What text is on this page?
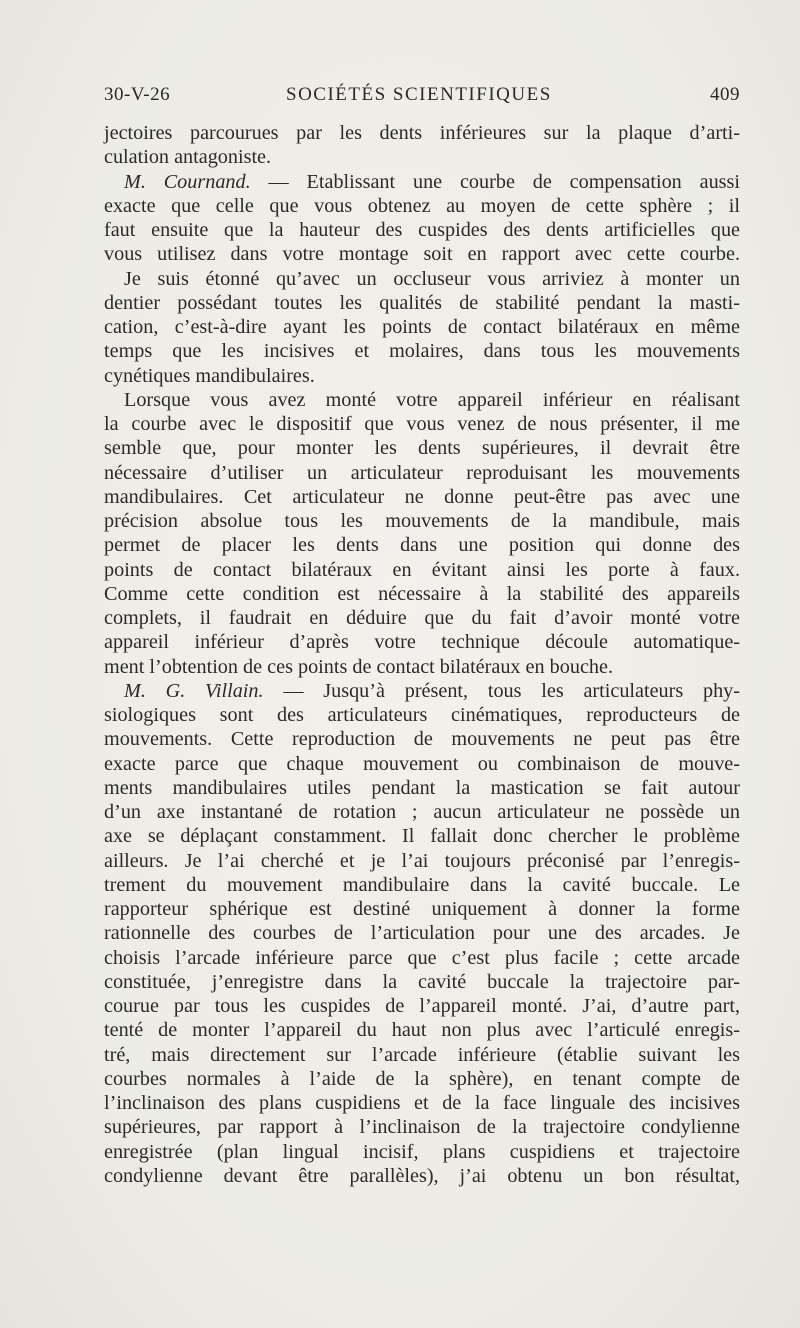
30-V-26	SOCIÉTÉS SCIENTIFIQUES	409
jectoires parcourues par les dents inférieures sur la plaque d’arti-
culation antagoniste.
M. Cournand. — Etablissant une courbe de compensation aussi
exacte que celle que vous obtenez au moyen de cette sphère ; il
faut ensuite que la hauteur des cuspides des dents artificielles que
vous utilisez dans votre montage soit en rapport avec cette courbe.
Je suis étonné qu’avec un occluseur vous arriviez à monter un
dentier possédant toutes les qualités de stabilité pendant la masti-
cation, c’est-à-dire ayant les points de contact bilatéraux en même
temps que les incisives et molaires, dans tous les mouvements
cynétiques mandibulaires.
Lorsque vous avez monté votre appareil inférieur en réalisant
la courbe avec le dispositif que vous venez de nous présenter, il me
semble que, pour monter les dents supérieures, il devrait être
nécessaire d’utiliser un articulateur reproduisant les mouvements
mandibulaires. Cet articulateur ne donne peut-être pas avec une
précision absolue tous les mouvements de la mandibule, mais
permet de placer les dents dans une position qui donne des
points de contact bilatéraux en évitant ainsi les porte à faux.
Comme cette condition est nécessaire à la stabilité des appareils
complets, il faudrait en déduire que du fait d’avoir monté votre
appareil inférieur d’après votre technique découle automatique-
ment l’obtention de ces points de contact bilatéraux en bouche.
M. G. Villain. — Jusqu’à présent, tous les articulateurs phy-
siologiques sont des articulateurs cinématiques, reproducteurs de
mouvements. Cette reproduction de mouvements ne peut pas être
exacte parce que chaque mouvement ou combinaison de mouve-
ments mandibulaires utiles pendant la mastication se fait autour
d’un axe instantané de rotation ; aucun articulateur ne possède un
axe se déplaçant constamment. Il fallait donc chercher le problème
ailleurs. Je l’ai cherché et je l’ai toujours préconisé par l’enregis-
trement du mouvement mandibulaire dans la cavité buccale. Le
rapporteur sphérique est destiné uniquement à donner la forme
rationnelle des courbes de l’articulation pour une des arcades. Je
choisis l’arcade inférieure parce que c’est plus facile ; cette arcade
constituée, j’enregistre dans la cavité buccale la trajectoire par-
courue par tous les cuspides de l’appareil monté. J’ai, d’autre part,
tenté de monter l’appareil du haut non plus avec l’articulé enregis-
tré, mais directement sur l’arcade inférieure (établie suivant les
courbes normales à l’aide de la sphère), en tenant compte de
l’inclinaison des plans cuspidiens et de la face linguale des incisives
supérieures, par rapport à l’inclinaison de la trajectoire condylienne
enregistrée (plan lingual incisif, plans cuspidiens et trajectoire
condylienne devant être parallèles), j’ai obtenu un bon résultat,
